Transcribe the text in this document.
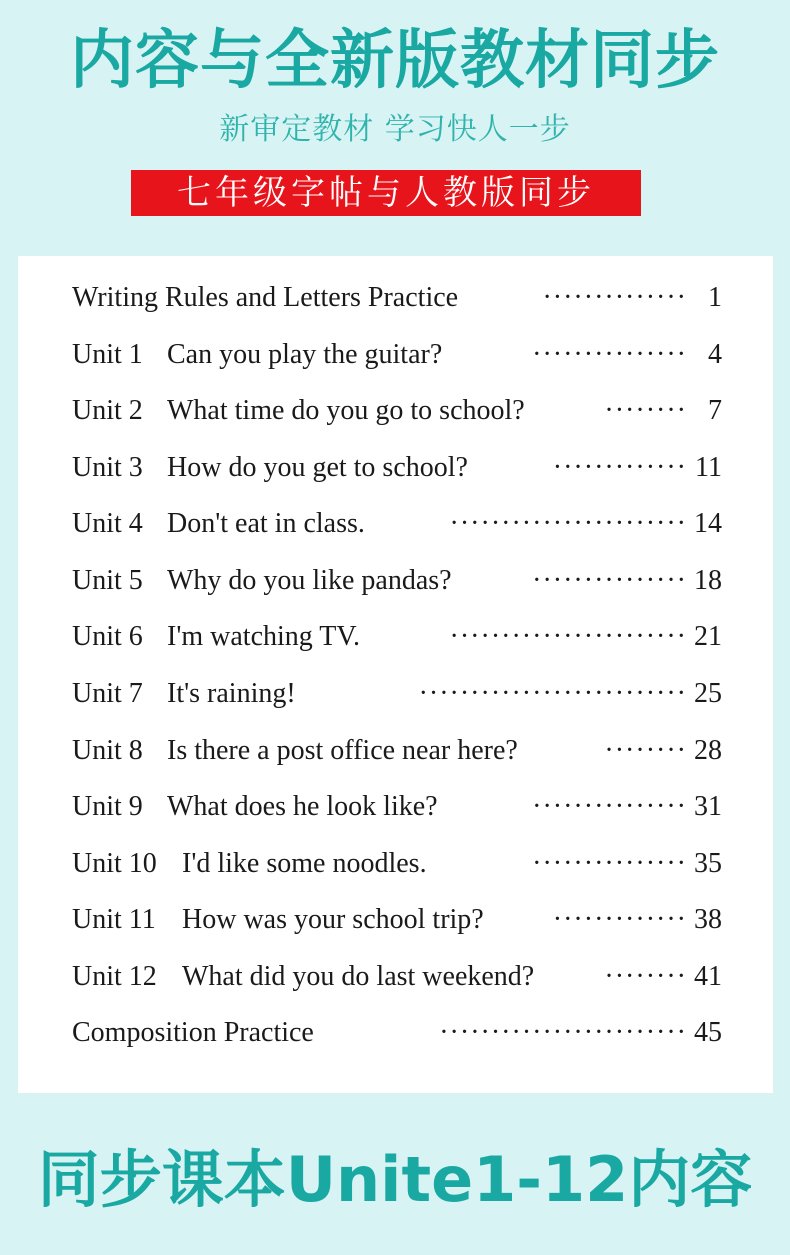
内容与全新版教材同步
新审定教材 学习快人一步
七年级字帖与人教版同步
Writing Rules and Letters Practice	·············· 1
Unit 1 Can you play the guitar?	··············· 4
Unit 2 What time do you go to school?	········ 7
Unit 3 How do you get to school?	············· 11
Unit 4 Don't eat in class.	······················· 14
Unit 5 Why do you like pandas?	··············· 18
Unit 6 I'm watching TV.	······················· 21
Unit 7 It's raining!	·························· 25
Unit 8 Is there a post office near here?	········ 28
Unit 9 What does he look like?	··············· 31
Unit 10 I'd like some noodles.	··············· 35
Unit 11 How was your school trip?	············· 38
Unit 12 What did you do last weekend?	········ 41
Composition Practice	························ 45
同步课本Unite1-12内容
